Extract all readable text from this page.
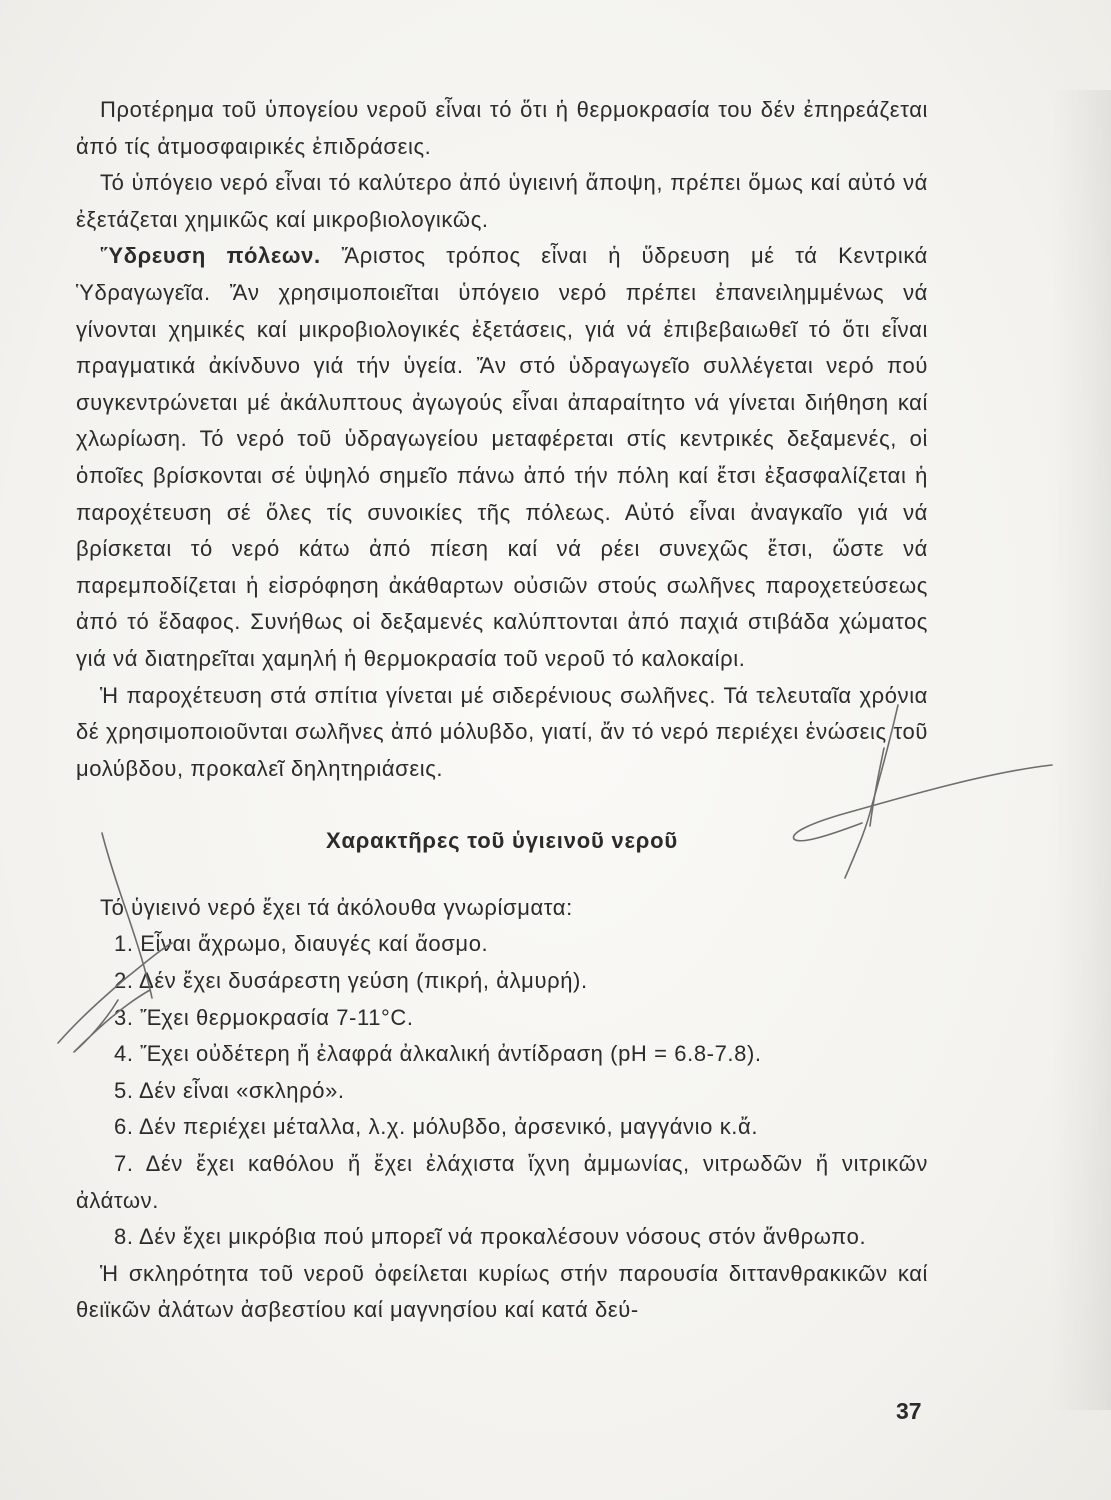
Προτέρημα τοῦ ὑπογείου νεροῦ εἶναι τό ὅτι ἡ θερμοκρασία του δέν ἐπηρεάζεται ἀπό τίς ἀτμοσφαιρικές ἐπιδράσεις.

Τό ὑπόγειο νερό εἶναι τό καλύτερο ἀπό ὑγιεινή ἄποψη, πρέπει ὅμως καί αὐτό νά ἐξετάζεται χημικῶς καί μικροβιολογικῶς.

Ὕδρευση πόλεων. Ἄριστος τρόπος εἶναι ἡ ὕδρευση μέ τά Κεντρικά Ὑδραγωγεῖα. Ἄν χρησιμοποιεῖται ὑπόγειο νερό πρέπει ἐπανειλημμένως νά γίνονται χημικές καί μικροβιολογικές ἐξετάσεις, γιά νά ἐπιβεβαιωθεῖ τό ὅτι εἶναι πραγματικά ἀκίνδυνο γιά τήν ὑγεία. Ἄν στό ὑδραγωγεῖο συλλέγεται νερό πού συγκεντρώνεται μέ ἀκάλυπτους ἀγωγούς εἶναι ἀπαραίτητο νά γίνεται διήθηση καί χλωρίωση. Τό νερό τοῦ ὑδραγωγείου μεταφέρεται στίς κεντρικές δεξαμενές, οἱ ὁποῖες βρίσκονται σέ ὑψηλό σημεῖο πάνω ἀπό τήν πόλη καί ἔτσι ἐξασφαλίζεται ἡ παροχέτευση σέ ὅλες τίς συνοικίες τῆς πόλεως. Αὐτό εἶναι ἀναγκαῖο γιά νά βρίσκεται τό νερό κάτω ἀπό πίεση καί νά ρέει συνεχῶς ἔτσι, ὥστε νά παρεμποδίζεται ἡ εἰσρόφηση ἀκάθαρτων οὐσιῶν στούς σωλῆνες παροχετεύσεως ἀπό τό ἔδαφος. Συνήθως οἱ δεξαμενές καλύπτονται ἀπό παχιά στιβάδα χώματος γιά νά διατηρεῖται χαμηλή ἡ θερμοκρασία τοῦ νεροῦ τό καλοκαίρι.

Ἡ παροχέτευση στά σπίτια γίνεται μέ σιδερένιους σωλῆνες. Τά τελευταῖα χρόνια δέ χρησιμοποιοῦνται σωλῆνες ἀπό μόλυβδο, γιατί, ἄν τό νερό περιέχει ἑνώσεις τοῦ μολύβδου, προκαλεῖ δηλητηριάσεις.

Χαρακτῆρες τοῦ ὑγιεινοῦ νεροῦ

Τό ὑγιεινό νερό ἔχει τά ἀκόλουθα γνωρίσματα:

1. Εἶναι ἄχρωμο, διαυγές καί ἄοσμο.
2. Δέν ἔχει δυσάρεστη γεύση (πικρή, ἁλμυρή).
3. Ἔχει θερμοκρασία 7-11°C.
4. Ἔχει οὐδέτερη ἤ ἐλαφρά ἀλκαλική ἀντίδραση (pH = 6.8-7.8).
5. Δέν εἶναι «σκληρό».
6. Δέν περιέχει μέταλλα, λ.χ. μόλυβδο, ἀρσενικό, μαγγάνιο κ.ἄ.
7. Δέν ἔχει καθόλου ἤ ἔχει ἐλάχιστα ἴχνη ἀμμωνίας, νιτρωδῶν ἤ νιτρικῶν ἀλάτων.
8. Δέν ἔχει μικρόβια πού μπορεῖ νά προκαλέσουν νόσους στόν ἄνθρωπο.

Ἡ σκληρότητα τοῦ νεροῦ ὀφείλεται κυρίως στήν παρουσία διττανθρακικῶν καί θειϊκῶν ἀλάτων ἀσβεστίου καί μαγνησίου καί κατά δεύ-

37
